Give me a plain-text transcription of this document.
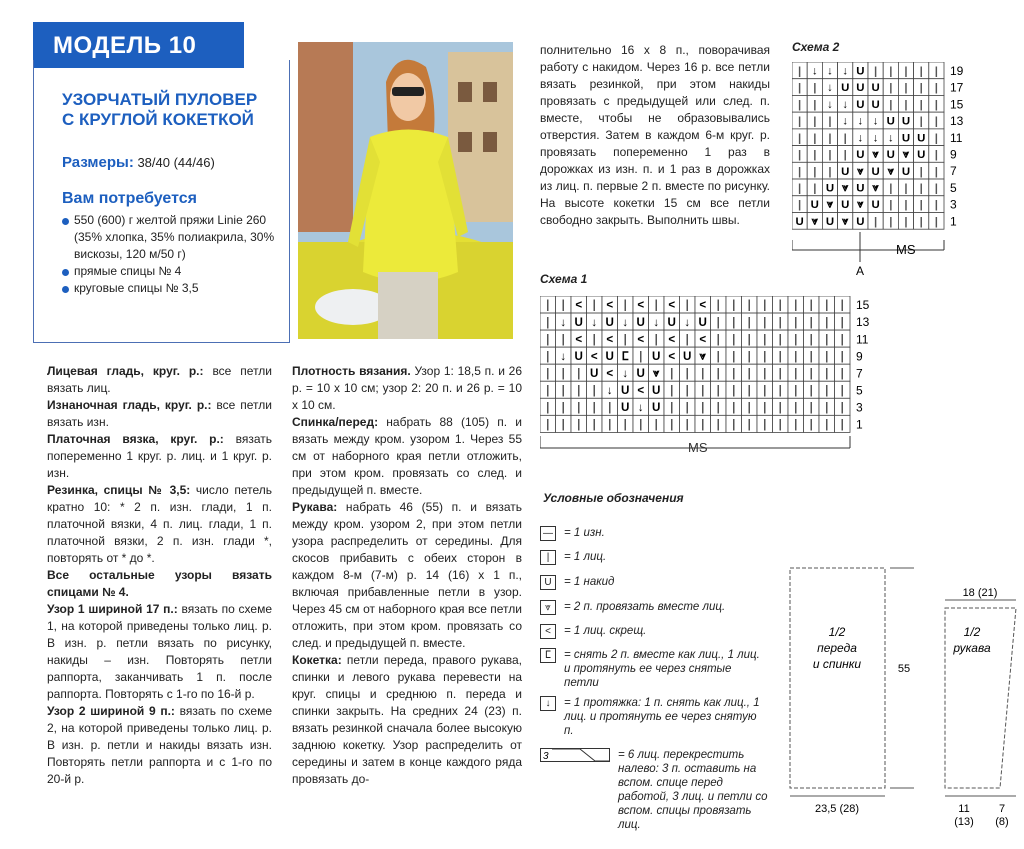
МОДЕЛЬ 10
УЗОРЧАТЫЙ ПУЛОВЕР
С КРУГЛОЙ КОКЕТКОЙ
Размеры: 38/40 (44/46)
Вам потребуется
550 (600) г желтой пряжи Linie 260 (35% хлопка, 35% полиакрила, 30% вискозы, 120 м/50 г)
прямые спицы № 4
круговые спицы № 3,5

Лицевая гладь, круг. р.: все петли вязать лиц.

Изнаночная гладь, круг. р.: все петли вязать изн.

Платочная вязка, круг. р.: вязать попеременно 1 круг. р. лиц. и 1 круг. р. изн.

Резинка, спицы № 3,5: число петель кратно 10: * 2 п. изн. глади, 1 п. платочной вязки, 4 п. лиц. глади, 1 п. платочной вязки, 2 п. изн. глади *, повторять от * до *.

Все остальные узоры вязать спицами № 4.

Узор 1 шириной 17 п.: вязать по схеме 1, на которой приведены только лиц. р. В изн. р. петли вязать по рисунку, накиды – изн. Повторять петли раппорта, заканчивать 1 п. после раппорта. Повторять с 1-го по 16-й р.

Узор 2 шириной 9 п.: вязать по схеме 2, на которой приведены только лиц. р. В изн. р. петли и накиды вязать изн. Повторять петли раппорта и с 1-го по 20-й р.

Плотность вязания. Узор 1: 18,5 п. и 26 р. = 10 х 10 см; узор 2: 20 п. и 26 р. = 10 х 10 см.

Спинка/перед: набрать 88 (105) п. и вязать между кром. узором 1. Через 55 см от наборного края петли отложить, при этом кром. провязать со след. и предыдущей п. вместе.

Рукава: набрать 46 (55) п. и вязать между кром. узором 2, при этом петли узора распределить от середины. Для скосов прибавить с обеих сторон в каждом 8-м (7-м) р. 14 (16) х 1 п., включая прибавленные петли в узор. Через 45 см от наборного края все петли отложить, при этом кром. провязать со след. и предыдущей п. вместе.

Кокетка: петли переда, правого рукава, спинки и левого рукава перевести на круг. спицы и среднюю п. переда и спинки закрыть. На средних 24 (23) п. вязать резинкой сначала более высокую заднюю кокетку. Узор распределить от середины и затем в конце каждого ряда провязать до-

полнительно 16 х 8 п., поворачивая работу с накидом. Через 16 р. все петли вязать резинкой, при этом накиды провязать с предыдущей или след. п. вместе, чтобы не образовывались отверстия. Затем в каждом 6-м круг. р. провязать попеременно 1 раз в дорожках из изн. п. и 1 раз в дорожках из лиц. п. первые 2 п. вместе по рисунку. На высоте кокетки 15 см все петли свободно закрыть. Выполнить швы.

Схема 2
| ↓ ↓ ↓ U | | | | | 19
| | ↓ U U U | | | | 17
| | ↓ ↓ U U | | | | 15
| | | ↓ ↓ ↓ U U | | 13
| | | | ↓ ↓ ↓ U U | 11
| | | | U ⩔ U ⩔ U | 9
| | | U ⩔ U ⩔ U | | 7
| | U ⩔ U ⩔ | | | | 5
| U ⩔ U ⩔ U | | | | 3
U ⩔ U ⩔ U | | | | | 1
MS
A
Схема 1
| | < | < | < | < | < | | | | | | | | | 15
| ↓ U ↓ U ↓ U ↓ U ↓ U | | | | | | | | | 13
| | < | < | < | < | < | | | | | | | | | 11
| ↓ U < U ⵎ | U < U ⩔ | | | | | | | | | 9
| | | U < ↓ U ⩔ | | | | | | | | | | | | 7
| | | | ↓ U < U | | | | | | | | | | | | 5
| | | | | U ↓ U | | | | | | | | | | | | 3
| | | | | | | | | | | | | | | | | | | | 1
MS
Условные обозначения
— = 1 изн.
|	= 1 лиц.
U	= 1 накид
⩔	= 2 п. провязать вместе лиц.
<	= 1 лиц. скрещ.
ⵎ	= снять 2 п. вместе как лиц., 1 лиц. и протянуть ее через снятые петли
↓	= 1 протяжка: 1 п. снять как лиц., 1 лиц. и протянуть ее через снятую п.
3	= 6 лиц. перекрестить налево: 3 п. оставить на вспом. спице перед работой, 3 лиц. и петли со вспом. спицы провязать лиц.
1/2
переда
и спинки	55
23,5 (28)
1/2
рукава
18 (21)
11
(13)
7
(8)
